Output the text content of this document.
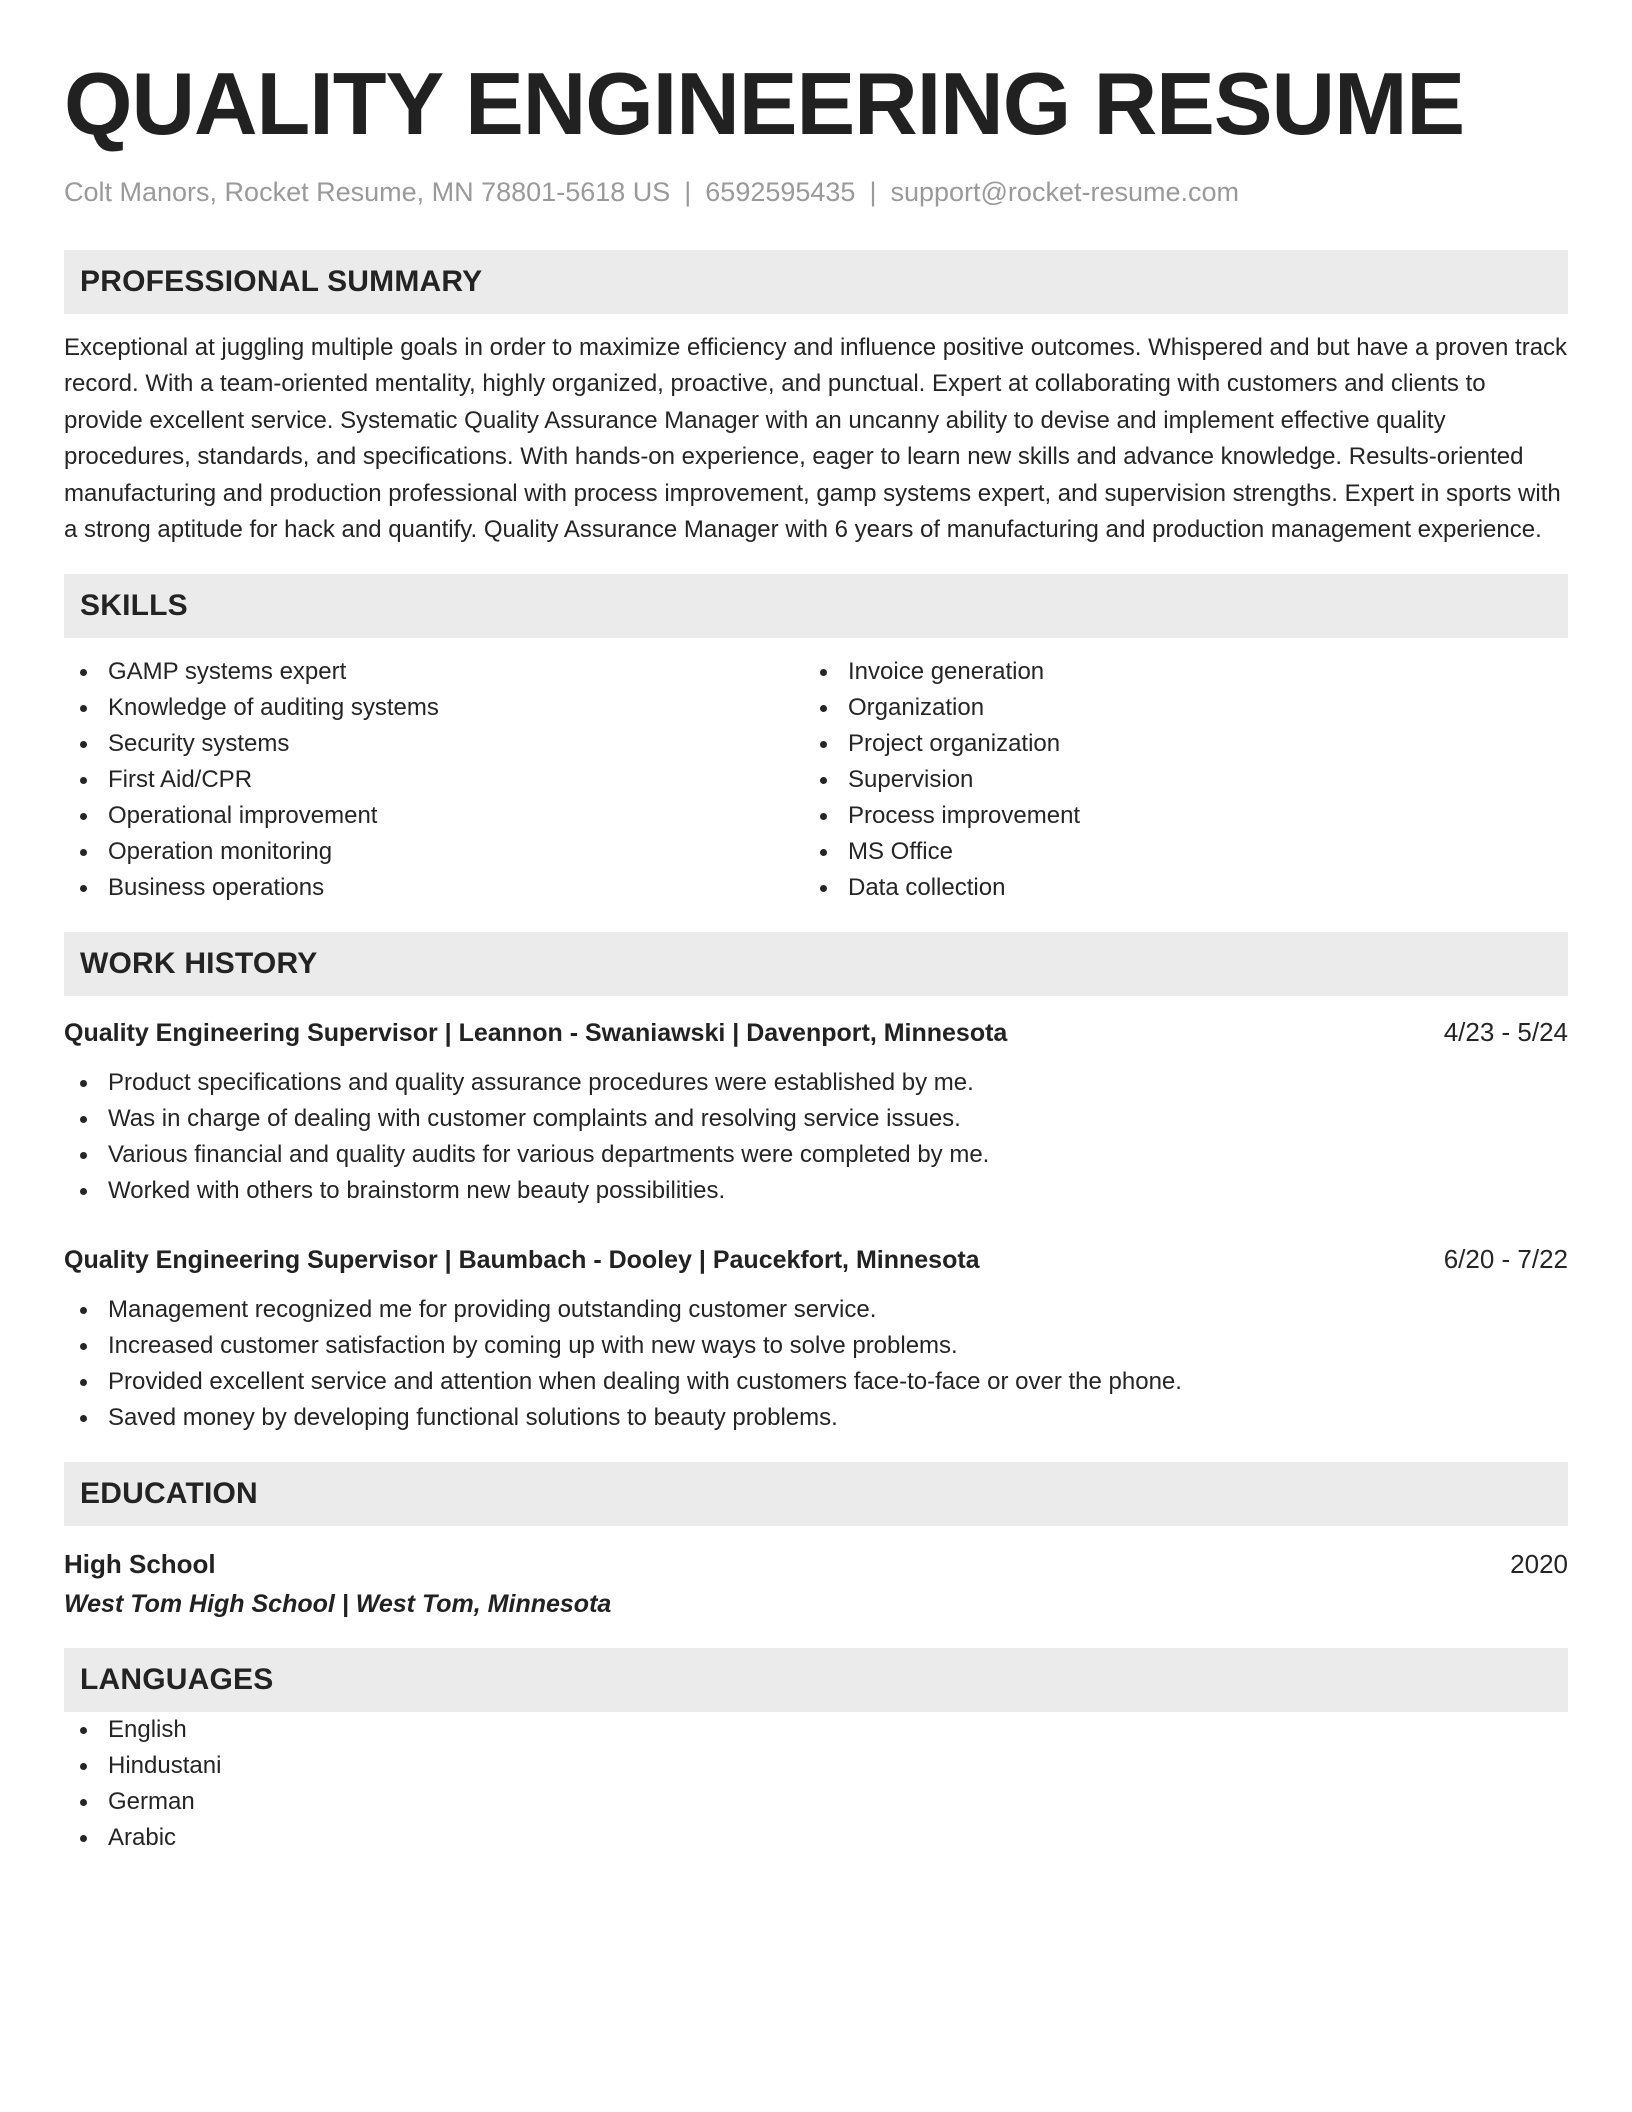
QUALITY ENGINEERING RESUME
Colt Manors, Rocket Resume, MN 78801-5618 US | 6592595435 | support@rocket-resume.com
PROFESSIONAL SUMMARY
Exceptional at juggling multiple goals in order to maximize efficiency and influence positive outcomes. Whispered and but have a proven track record. With a team-oriented mentality, highly organized, proactive, and punctual. Expert at collaborating with customers and clients to provide excellent service. Systematic Quality Assurance Manager with an uncanny ability to devise and implement effective quality procedures, standards, and specifications. With hands-on experience, eager to learn new skills and advance knowledge. Results-oriented manufacturing and production professional with process improvement, gamp systems expert, and supervision strengths. Expert in sports with a strong aptitude for hack and quantify. Quality Assurance Manager with 6 years of manufacturing and production management experience.
SKILLS
GAMP systems expert
Knowledge of auditing systems
Security systems
First Aid/CPR
Operational improvement
Operation monitoring
Business operations
Invoice generation
Organization
Project organization
Supervision
Process improvement
MS Office
Data collection
WORK HISTORY
Quality Engineering Supervisor | Leannon - Swaniawski | Davenport, Minnesota	4/23 - 5/24
Product specifications and quality assurance procedures were established by me.
Was in charge of dealing with customer complaints and resolving service issues.
Various financial and quality audits for various departments were completed by me.
Worked with others to brainstorm new beauty possibilities.
Quality Engineering Supervisor | Baumbach - Dooley | Paucekfort, Minnesota	6/20 - 7/22
Management recognized me for providing outstanding customer service.
Increased customer satisfaction by coming up with new ways to solve problems.
Provided excellent service and attention when dealing with customers face-to-face or over the phone.
Saved money by developing functional solutions to beauty problems.
EDUCATION
High School	2020
West Tom High School | West Tom, Minnesota
LANGUAGES
English
Hindustani
German
Arabic
